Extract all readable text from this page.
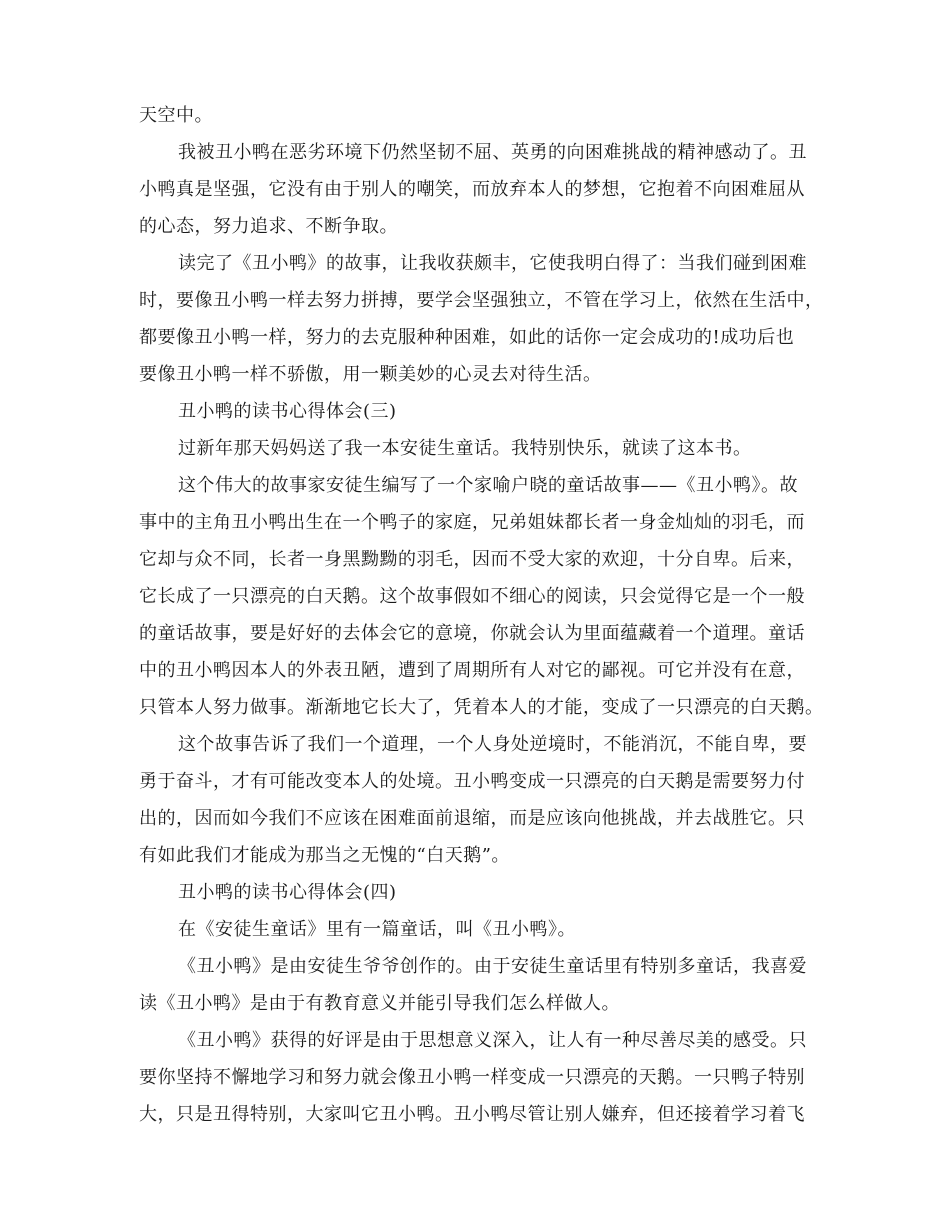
天空中。
我被丑小鸭在恶劣环境下仍然坚韧不屈、英勇的向困难挑战的精神感动了。丑
小鸭真是坚强，它没有由于别人的嘲笑，而放弃本人的梦想，它抱着不向困难屈从
的心态，努力追求、不断争取。
读完了《丑小鸭》的故事，让我收获颇丰，它使我明白得了：当我们碰到困难
时，要像丑小鸭一样去努力拼搏，要学会坚强独立，不管在学习上，依然在生活中，
都要像丑小鸭一样，努力的去克服种种困难，如此的话你一定会成功的!成功后也
要像丑小鸭一样不骄傲，用一颗美妙的心灵去对待生活。
丑小鸭的读书心得体会(三)
过新年那天妈妈送了我一本安徒生童话。我特别快乐，就读了这本书。
这个伟大的故事家安徒生编写了一个家喻户晓的童话故事——《丑小鸭》。故
事中的主角丑小鸭出生在一个鸭子的家庭，兄弟姐妹都长者一身金灿灿的羽毛，而
它却与众不同，长者一身黑黝黝的羽毛，因而不受大家的欢迎，十分自卑。后来，
它长成了一只漂亮的白天鹅。这个故事假如不细心的阅读，只会觉得它是一个一般
的童话故事，要是好好的去体会它的意境，你就会认为里面蕴藏着一个道理。童话
中的丑小鸭因本人的外表丑陋，遭到了周期所有人对它的鄙视。可它并没有在意，
只管本人努力做事。渐渐地它长大了，凭着本人的才能，变成了一只漂亮的白天鹅。
这个故事告诉了我们一个道理，一个人身处逆境时，不能消沉，不能自卑，要
勇于奋斗，才有可能改变本人的处境。丑小鸭变成一只漂亮的白天鹅是需要努力付
出的，因而如今我们不应该在困难面前退缩，而是应该向他挑战，并去战胜它。只
有如此我们才能成为那当之无愧的“白天鹅”。
丑小鸭的读书心得体会(四)
在《安徒生童话》里有一篇童话，叫《丑小鸭》。
《丑小鸭》是由安徒生爷爷创作的。由于安徒生童话里有特别多童话，我喜爱
读《丑小鸭》是由于有教育意义并能引导我们怎么样做人。
《丑小鸭》获得的好评是由于思想意义深入，让人有一种尽善尽美的感受。只
要你坚持不懈地学习和努力就会像丑小鸭一样变成一只漂亮的天鹅。一只鸭子特别
大，只是丑得特别，大家叫它丑小鸭。丑小鸭尽管让别人嫌弃，但还接着学习着飞
